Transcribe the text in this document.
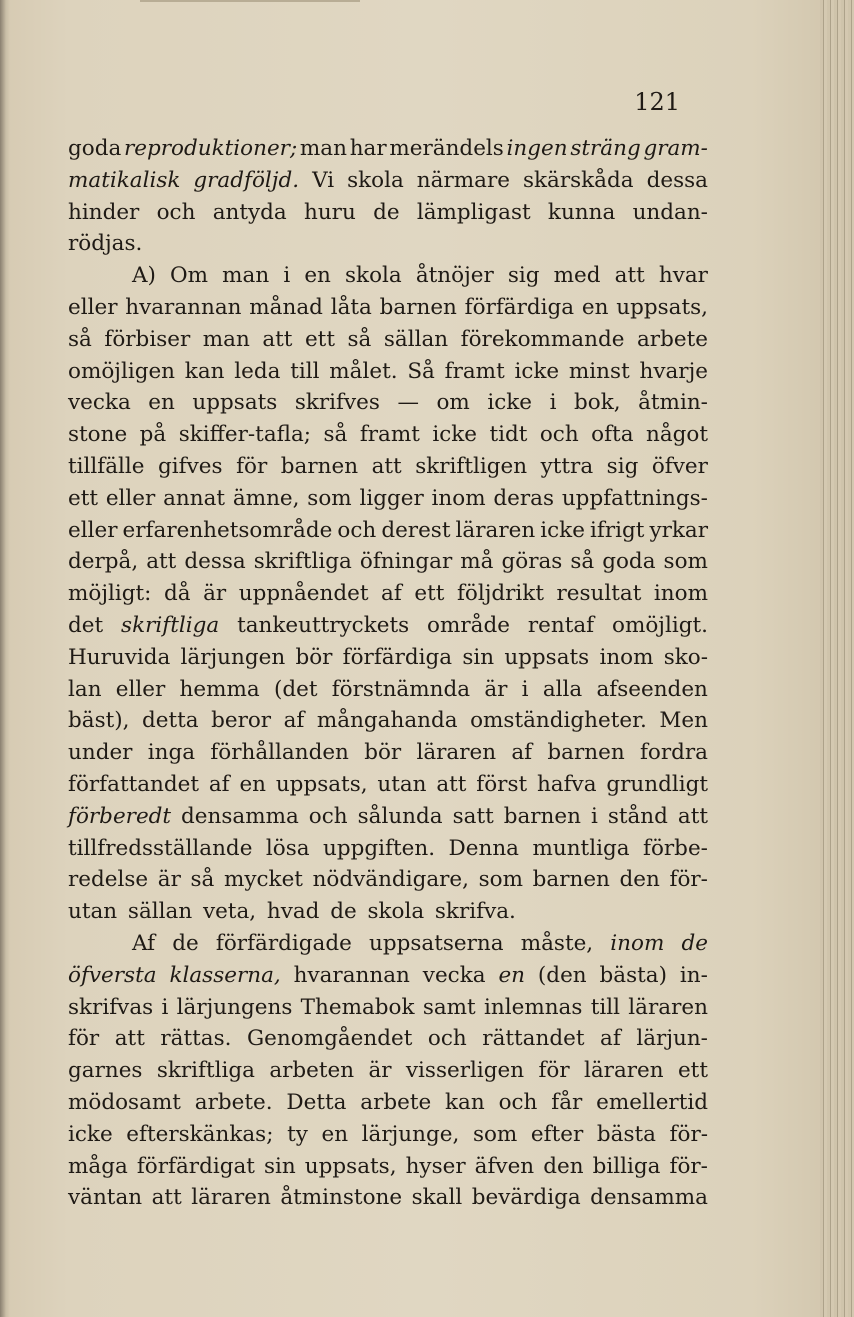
121
goda reproduktioner; man har merändels ingen sträng gram-
matikalisk gradföljd. Vi skola närmare skärskåda dessa
hinder och antyda huru de lämpligast kunna undan-
rödjas.
A) Om man i en skola åtnöjer sig med att hvar
eller hvarannan månad låta barnen förfärdiga en uppsats,
så förbiser man att ett så sällan förekommande arbete
omöjligen kan leda till målet. Så framt icke minst hvarje
vecka en uppsats skrifves — om icke i bok, åtmin-
stone på skiffer-tafla; så framt icke tidt och ofta något
tillfälle gifves för barnen att skriftligen yttra sig öfver
ett eller annat ämne, som ligger inom deras uppfattnings-
eller erfarenhetsområde och derest läraren icke ifrigt yrkar
derpå, att dessa skriftliga öfningar må göras så goda som
möjligt: då är uppnåendet af ett följdrikt resultat inom
det skriftliga tankeuttryckets område rentaf omöjligt.
Huruvida lärjungen bör förfärdiga sin uppsats inom sko-
lan eller hemma (det förstnämnda är i alla afseenden
bäst), detta beror af mångahanda omständigheter. Men
under inga förhållanden bör läraren af barnen fordra
författandet af en uppsats, utan att först hafva grundligt
förberedt densamma och sålunda satt barnen i stånd att
tillfredsställande lösa uppgiften. Denna muntliga förbe-
redelse är så mycket nödvändigare, som barnen den för-
utan sällan veta, hvad de skola skrifva.
Af de förfärdigade uppsatserna måste, inom de
öfversta klasserna, hvarannan vecka en (den bästa) in-
skrifvas i lärjungens Themabok samt inlemnas till läraren
för att rättas. Genomgåendet och rättandet af lärjun-
garnes skriftliga arbeten är visserligen för läraren ett
mödosamt arbete. Detta arbete kan och får emellertid
icke efterskänkas; ty en lärjunge, som efter bästa för-
måga förfärdigat sin uppsats, hyser äfven den billiga för-
väntan att läraren åtminstone skall bevärdiga densamma
